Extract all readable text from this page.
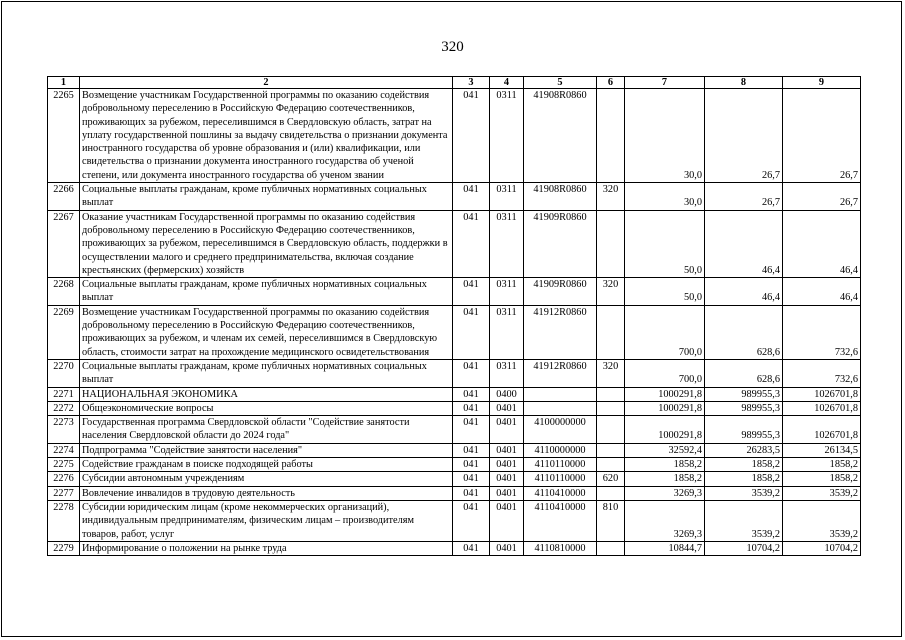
320
1	2	3	4	5	6	7	8	9
2265	Возмещение участникам Государственной программы по оказанию содействия добровольному переселению в Российскую Федерацию соотечественников, проживающих за рубежом, переселившимся в Свердловскую область, затрат на уплату государственной пошлины за выдачу свидетельства о признании документа иностранного государства об уровне образования и (или) квалификации, или свидетельства о признании документа иностранного государства об ученой степени, или документа иностранного государства об ученом звании	041	0311	41908R0860		30,0	26,7	26,7
2266	Социальные выплаты гражданам, кроме публичных нормативных социальных выплат	041	0311	41908R0860	320	30,0	26,7	26,7
2267	Оказание участникам Государственной программы по оказанию содействия добровольному переселению в Российскую Федерацию соотечественников, проживающих за рубежом, переселившимся в Свердловскую область, поддержки в осуществлении малого и среднего предпринимательства, включая создание крестьянских (фермерских) хозяйств	041	0311	41909R0860		50,0	46,4	46,4
2268	Социальные выплаты гражданам, кроме публичных нормативных социальных выплат	041	0311	41909R0860	320	50,0	46,4	46,4
2269	Возмещение участникам Государственной программы по оказанию содействия добровольному переселению в Российскую Федерацию соотечественников, проживающих за рубежом, и членам их семей, переселившимся в Свердловскую область, стоимости затрат на прохождение медицинского освидетельствования	041	0311	41912R0860		700,0	628,6	732,6
2270	Социальные выплаты гражданам, кроме публичных нормативных социальных выплат	041	0311	41912R0860	320	700,0	628,6	732,6
2271	НАЦИОНАЛЬНАЯ ЭКОНОМИКА	041	0400			1000291,8	989955,3	1026701,8
2272	Общеэкономические вопросы	041	0401			1000291,8	989955,3	1026701,8
2273	Государственная программа Свердловской области "Содействие занятости населения Свердловской области до 2024 года"	041	0401	4100000000		1000291,8	989955,3	1026701,8
2274	Подпрограмма "Содействие занятости населения"	041	0401	4110000000		32592,4	26283,5	26134,5
2275	Содействие гражданам в поиске подходящей работы	041	0401	4110110000		1858,2	1858,2	1858,2
2276	Субсидии автономным учреждениям	041	0401	4110110000	620	1858,2	1858,2	1858,2
2277	Вовлечение инвалидов в трудовую деятельность	041	0401	4110410000		3269,3	3539,2	3539,2
2278	Субсидии юридическим лицам (кроме некоммерческих организаций), индивидуальным предпринимателям, физическим лицам – производителям товаров, работ, услуг	041	0401	4110410000	810	3269,3	3539,2	3539,2
2279	Информирование о положении на рынке труда	041	0401	4110810000		10844,7	10704,2	10704,2
